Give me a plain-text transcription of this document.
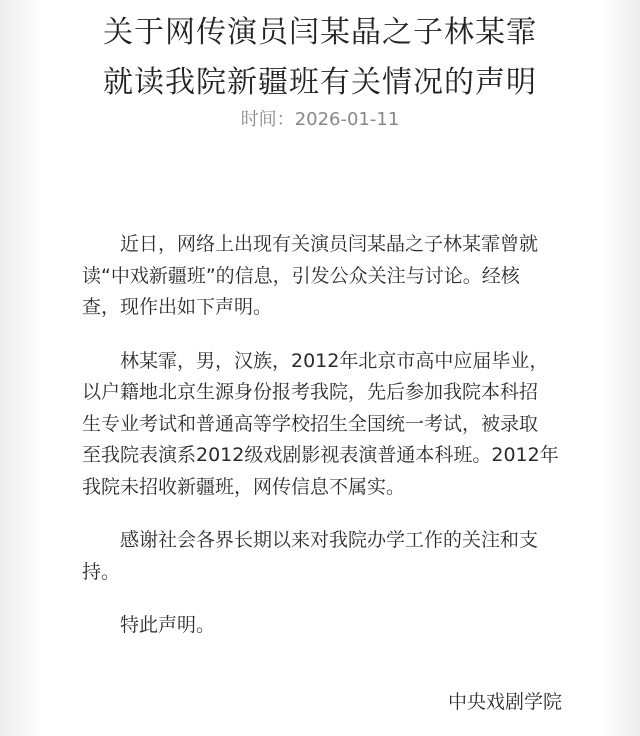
关于网传演员闫某晶之子林某霏
就读我院新疆班有关情况的声明
时间：2026-01-11

近日，网络上出现有关演员闫某晶之子林某霏曾就
读“中戏新疆班”的信息，引发公众关注与讨论。经核
查，现作出如下声明。

林某霏，男，汉族，2012年北京市高中应届毕业，
以户籍地北京生源身份报考我院，先后参加我院本科招
生专业考试和普通高等学校招生全国统一考试，被录取
至我院表演系2012级戏剧影视表演普通本科班。2012年
我院未招收新疆班，网传信息不属实。

感谢社会各界长期以来对我院办学工作的关注和支
持。

特此声明。

中央戏剧学院
